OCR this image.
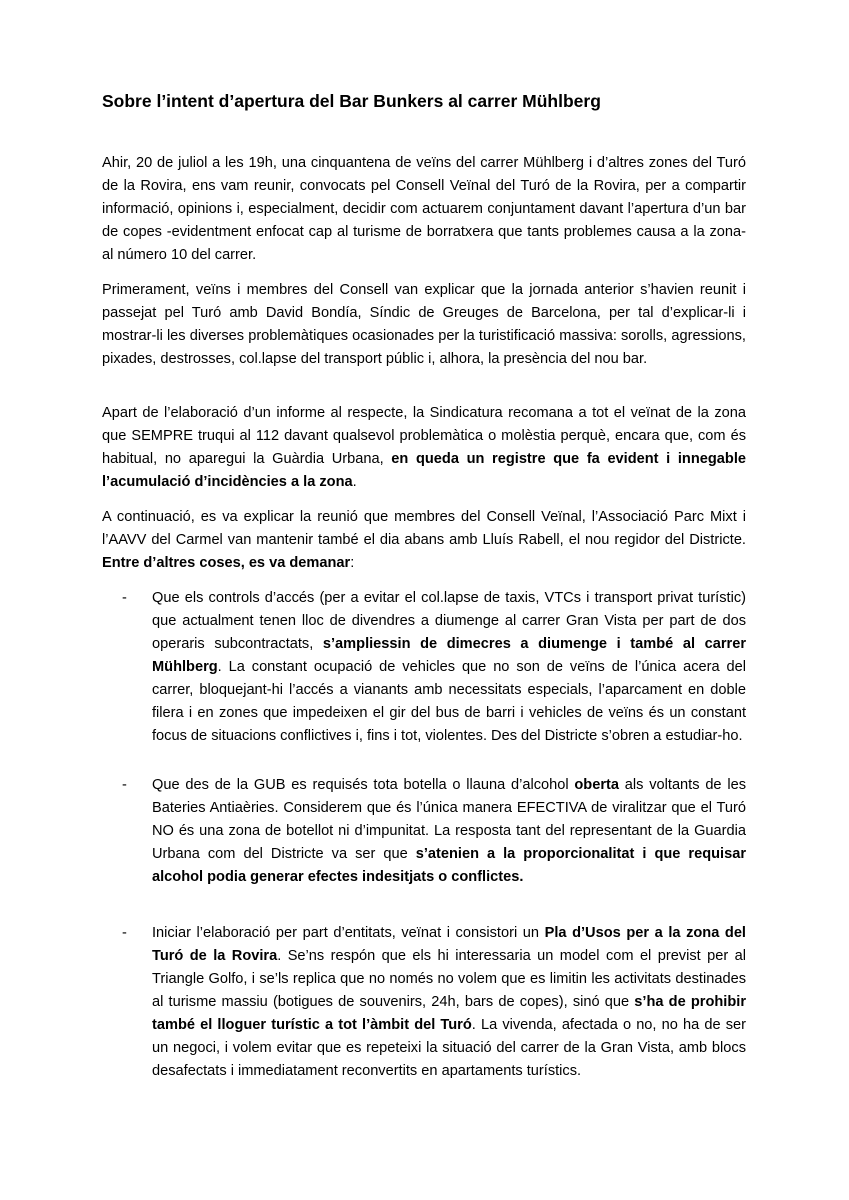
Sobre l’intent d’apertura del Bar Bunkers al carrer Mühlberg

Ahir, 20 de juliol a les 19h, una cinquantena de veïns del carrer Mühlberg i d’altres zones del Turó de la Rovira, ens vam reunir, convocats pel Consell Veïnal del Turó de la Rovira, per a compartir informació, opinions i, especialment, decidir com actuarem conjuntament davant l’apertura d’un bar de copes -evidentment enfocat cap al turisme de borratxera que tants problemes causa a la zona- al número 10 del carrer.

Primerament, veïns i membres del Consell van explicar que la jornada anterior s’havien reunit i passejat pel Turó amb David Bondía, Síndic de Greuges de Barcelona, per tal d’explicar-li i mostrar-li les diverses problemàtiques ocasionades per la turistificació massiva: sorolls, agressions, pixades, destrosses, col.lapse del transport públic i, alhora, la presència del nou bar.

Apart de l’elaboració d’un informe al respecte, la Sindicatura recomana a tot el veïnat de la zona que SEMPRE truqui al 112 davant qualsevol problemàtica o molèstia perquè, encara que, com és habitual, no aparegui la Guàrdia Urbana, en queda un registre que fa evident i innegable l’acumulació d’incidències a la zona.

A continuació, es va explicar la reunió que membres del Consell Veïnal, l’Associació Parc Mixt i l’AAVV del Carmel van mantenir també el dia abans amb Lluís Rabell, el nou regidor del Districte. Entre d’altres coses, es va demanar:

-	Que els controls d’accés (per a evitar el col.lapse de taxis, VTCs i transport privat turístic) que actualment tenen lloc de divendres a diumenge al carrer Gran Vista per part de dos operaris subcontractats, s’ampliessin de dimecres a diumenge i també al carrer Mühlberg. La constant ocupació de vehicles que no son de veïns de l’única acera del carrer, bloquejant-hi l’accés a vianants amb necessitats especials, l’aparcament en doble filera i en zones que impedeixen el gir del bus de barri i vehicles de veïns és un constant focus de situacions conflictives i, fins i tot, violentes. Des del Districte s’obren a estudiar-ho.

-	Que des de la GUB es requisés tota botella o llauna d’alcohol oberta als voltants de les Bateries Antiaèries. Considerem que és l’única manera EFECTIVA de viralitzar que el Turó NO és una zona de botellot ni d’impunitat. La resposta tant del representant de la Guardia Urbana com del Districte va ser que s’atenien a la proporcionalitat i que requisar alcohol podia generar efectes indesitjats o conflictes.

-	Iniciar l’elaboració per part d’entitats, veïnat i consistori un Pla d’Usos per a la zona del Turó de la Rovira. Se’ns respón que els hi interessaria un model com el previst per al Triangle Golfo, i se’ls replica que no només no volem que es limitin les activitats destinades al turisme massiu (botigues de souvenirs, 24h, bars de copes), sinó que s’ha de prohibir també el lloguer turístic a tot l’àmbit del Turó. La vivenda, afectada o no, no ha de ser un negoci, i volem evitar que es repeteixi la situació del carrer de la Gran Vista, amb blocs desafectats i immediatament reconvertits en apartaments turístics.
